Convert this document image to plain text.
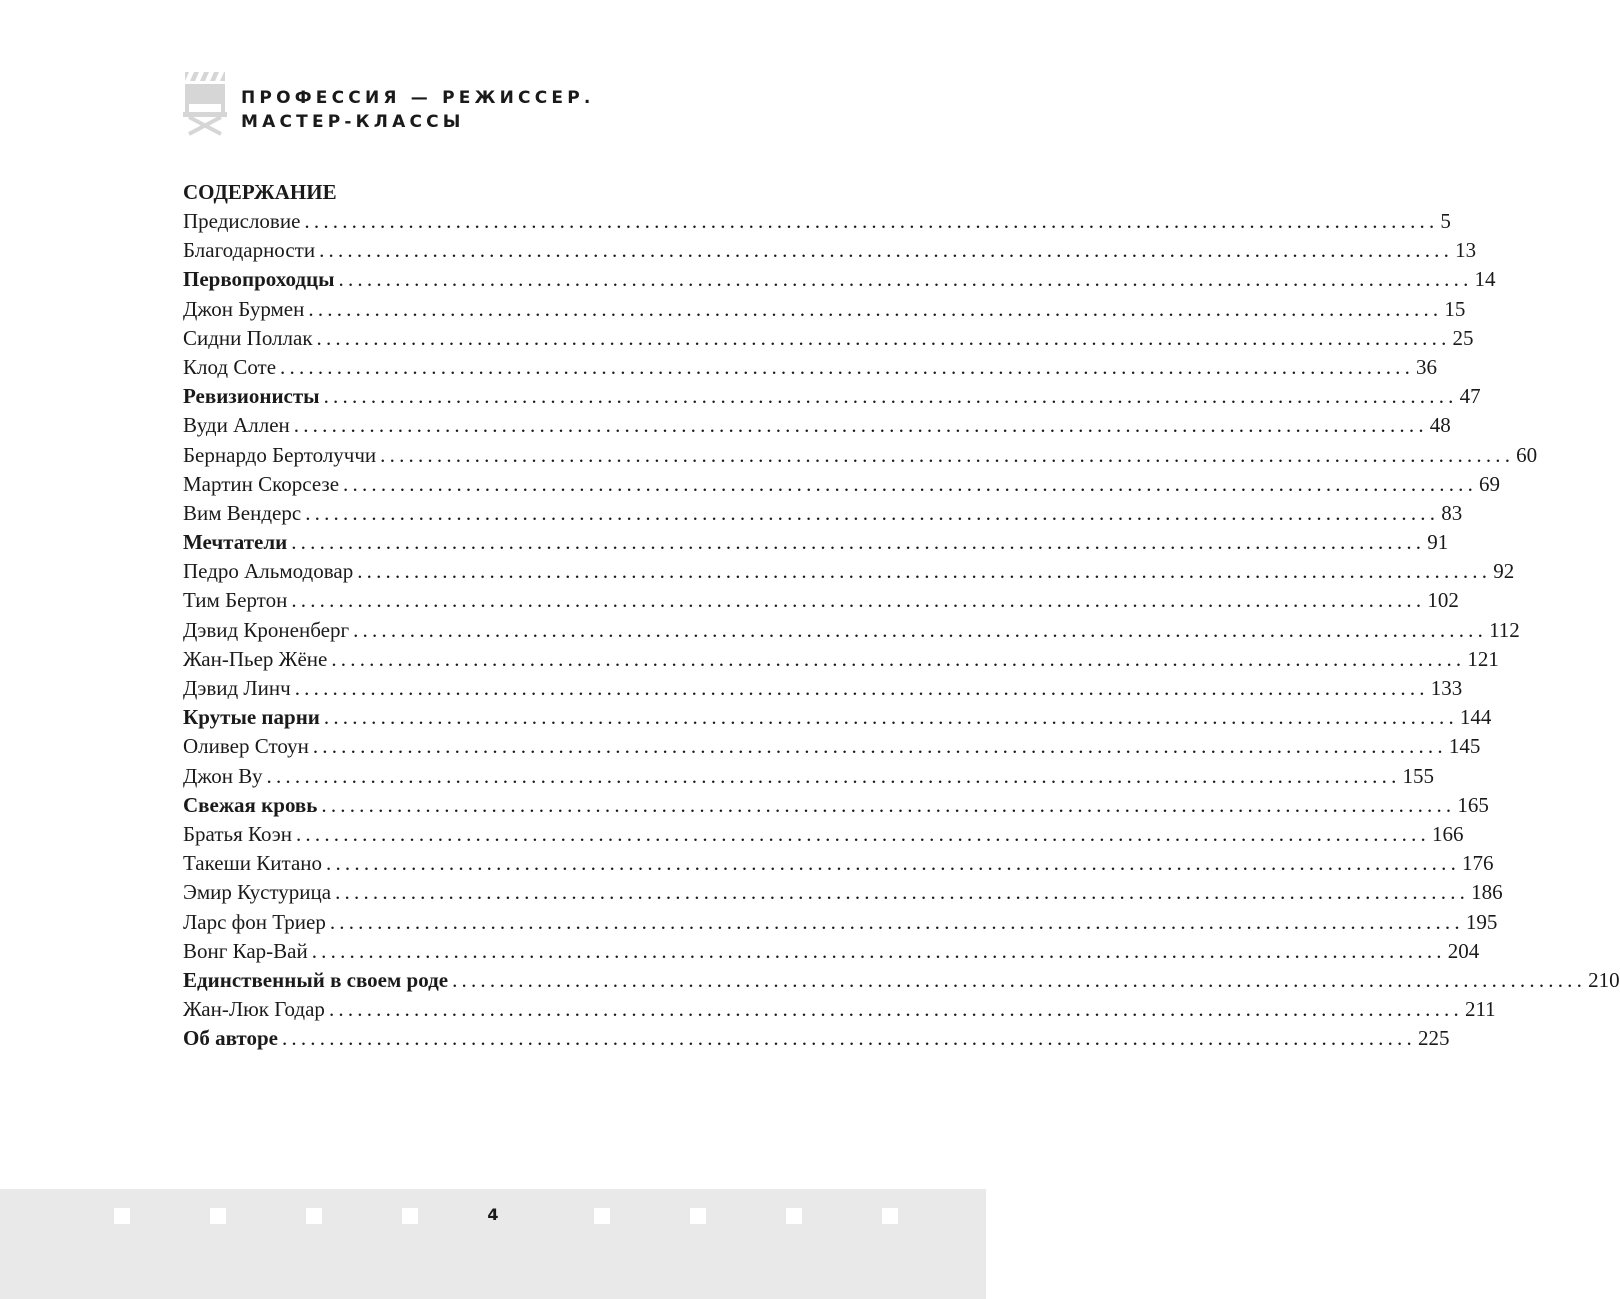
ПРОФЕССИЯ — РЕЖИССЕР.
МАСТЕР-КЛАССЫ
СОДЕРЖАНИЕ
Предисловие ........................................................................................................................ 5
Благодарности ........................................................................................................................ 13
Первопроходцы ........................................................................................................................ 14
Джон Бурмен ........................................................................................................................ 15
Сидни Поллак ........................................................................................................................ 25
Клод Соте ........................................................................................................................ 36
Ревизионисты ........................................................................................................................ 47
Вуди Аллен ........................................................................................................................ 48
Бернардо Бертолуччи ........................................................................................................................ 60
Мартин Скорсезе ........................................................................................................................ 69
Вим Вендерс ........................................................................................................................ 83
Мечтатели ........................................................................................................................ 91
Педро Альмодовар ........................................................................................................................ 92
Тим Бертон ........................................................................................................................ 102
Дэвид Кроненберг ........................................................................................................................ 112
Жан-Пьер Жёне ........................................................................................................................ 121
Дэвид Линч ........................................................................................................................ 133
Крутые парни ........................................................................................................................ 144
Оливер Стоун ........................................................................................................................ 145
Джон Ву ........................................................................................................................ 155
Свежая кровь ........................................................................................................................ 165
Братья Коэн ........................................................................................................................ 166
Такеши Китано ........................................................................................................................ 176
Эмир Кустурица ........................................................................................................................ 186
Ларс фон Триер ........................................................................................................................ 195
Вонг Кар-Вай ........................................................................................................................ 204
Единственный в своем роде ........................................................................................................................ 210
Жан-Люк Годар ........................................................................................................................ 211
Об авторе ........................................................................................................................ 225
4
